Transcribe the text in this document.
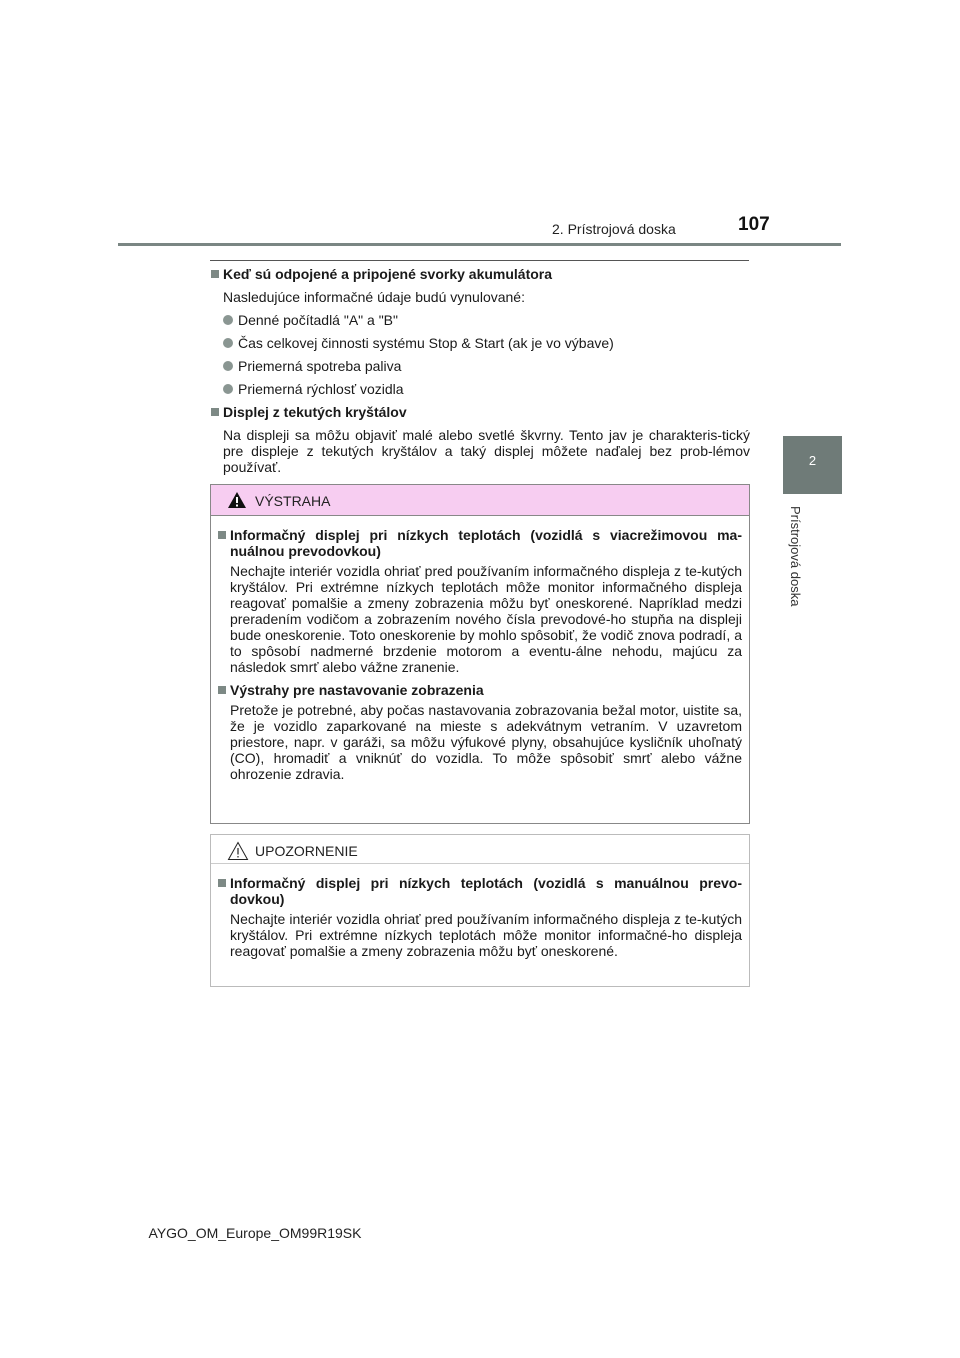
2. Prístrojová doska	107
2
Prístrojová doska
Keď sú odpojené a pripojené svorky akumulátora
Nasledujúce informačné údaje budú vynulované:
Denné počítadlá "A" a "B"
Čas celkovej činnosti systému Stop & Start (ak je vo výbave)
Priemerná spotreba paliva
Priemerná rýchlosť vozidla
Displej z tekutých kryštálov
Na displeji sa môžu objaviť malé alebo svetlé škvrny. Tento jav je charakteris-tický pre displeje z tekutých kryštálov a taký displej môžete naďalej bez prob-lémov používať.
VÝSTRAHA
Informačný displej pri nízkych teplotách (vozidlá s viacrežimovou ma-nuálnou prevodovkou)
Nechajte interiér vozidla ohriať pred používaním informačného displeja z te-kutých kryštálov. Pri extrémne nízkych teplotách môže monitor informačného displeja reagovať pomalšie a zmeny zobrazenia môžu byť oneskorené. Napríklad medzi preradením vodičom a zobrazením nového čísla prevodové-ho stupňa na displeji bude oneskorenie. Toto oneskorenie by mohlo spôsobiť, že vodič znova podradí, a to spôsobí nadmerné brzdenie motorom a eventu-álne nehodu, majúcu za následok smrť alebo vážne zranenie.
Výstrahy pre nastavovanie zobrazenia
Pretože je potrebné, aby počas nastavovania zobrazovania bežal motor, uistite sa, že je vozidlo zaparkované na mieste s adekvátnym vetraním. V uzavretom priestore, napr. v garáži, sa môžu výfukové plyny, obsahujúce kysličník uhoľnatý (CO), hromadiť a vniknúť do vozidla. To môže spôsobiť smrť alebo vážne ohrozenie zdravia.
UPOZORNENIE
Informačný displej pri nízkych teplotách (vozidlá s manuálnou prevo-dovkou)
Nechajte interiér vozidla ohriať pred používaním informačného displeja z te-kutých kryštálov. Pri extrémne nízkych teplotách môže monitor informačné-ho displeja reagovať pomalšie a zmeny zobrazenia môžu byť oneskorené.
AYGO_OM_Europe_OM99R19SK
